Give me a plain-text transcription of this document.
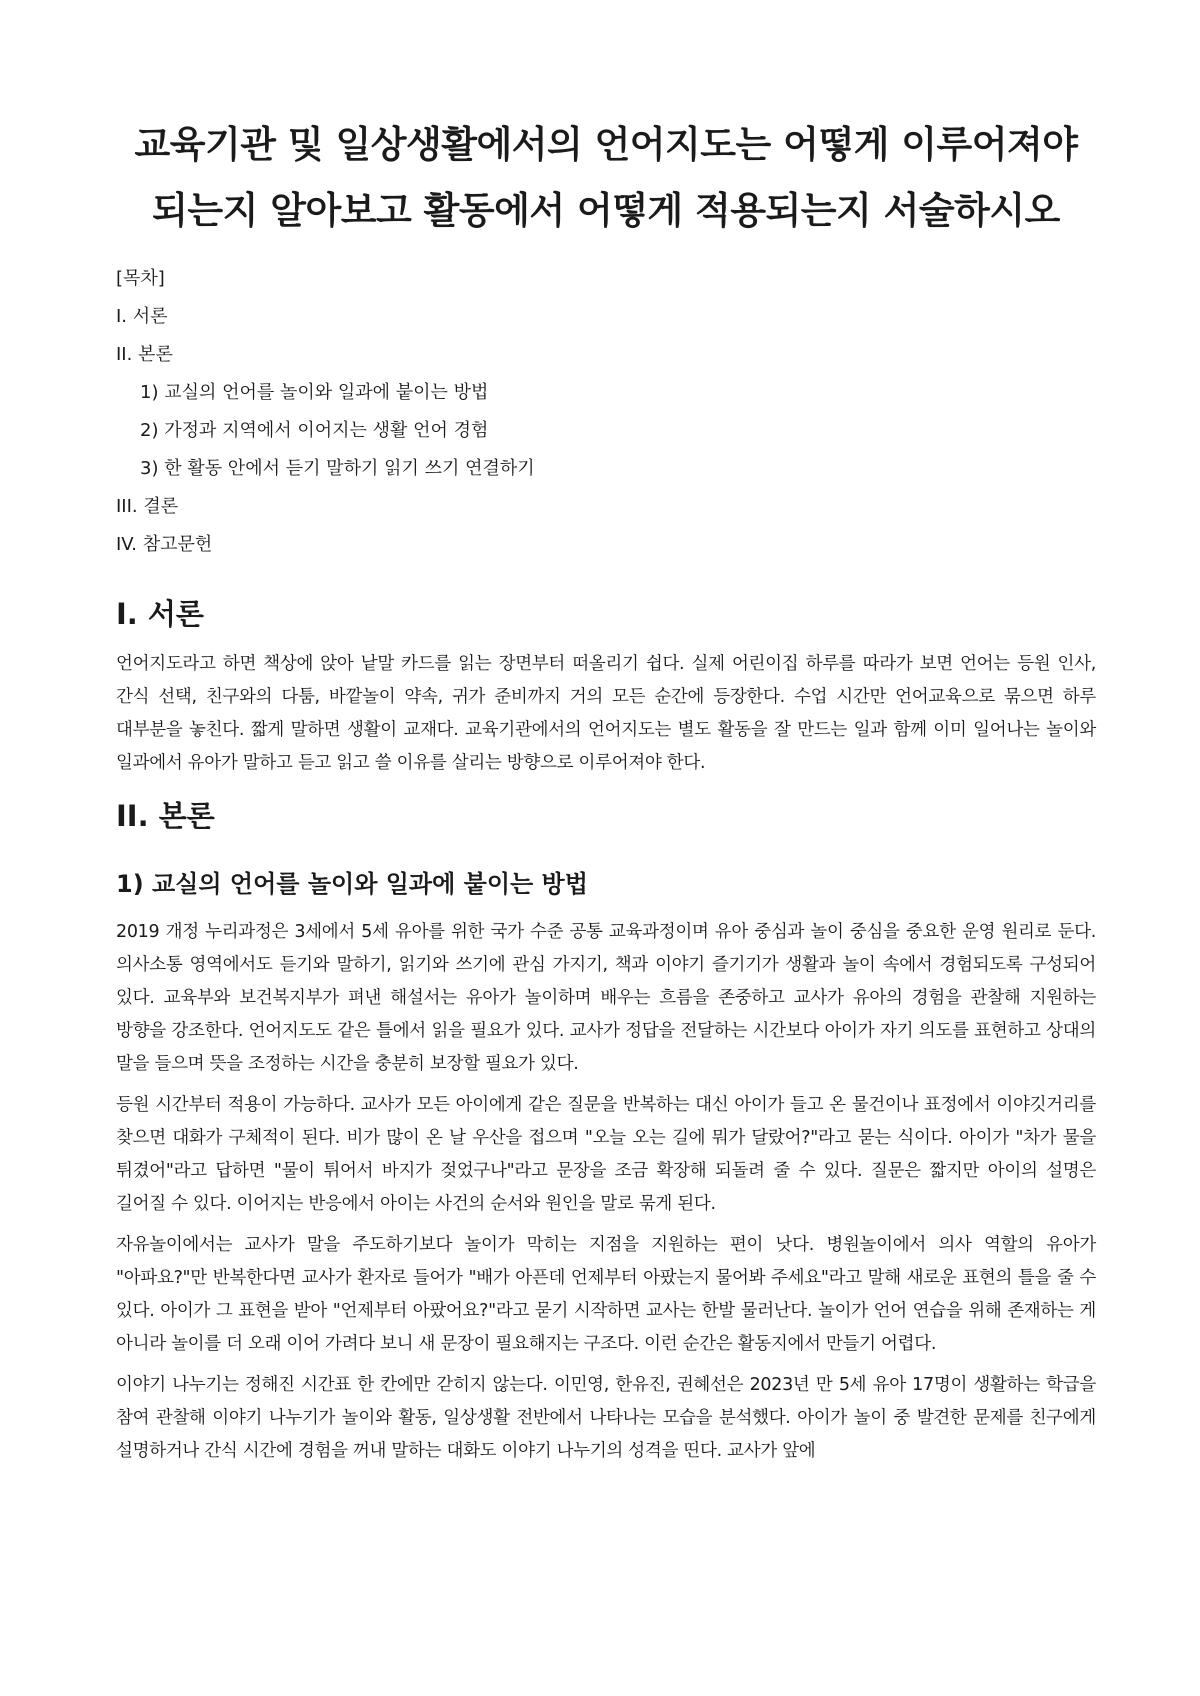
교육기관 및 일상생활에서의 언어지도는 어떻게 이루어져야 되는지 알아보고 활동에서 어떻게 적용되는지 서술하시오

[목차]

I. 서론
II. 본론
1) 교실의 언어를 놀이와 일과에 붙이는 방법
2) 가정과 지역에서 이어지는 생활 언어 경험
3) 한 활동 안에서 듣기 말하기 읽기 쓰기 연결하기
III. 결론
IV. 참고문헌
I. 서론

언어지도라고 하면 책상에 앉아 낱말 카드를 읽는 장면부터 떠올리기 쉽다. 실제 어린이집 하루를 따라가 보면 언어는 등원 인사, 간식 선택, 친구와의 다툼, 바깥놀이 약속, 귀가 준비까지 거의 모든 순간에 등장한다. 수업 시간만 언어교육으로 묶으면 하루 대부분을 놓친다. 짧게 말하면 생활이 교재다. 교육기관에서의 언어지도는 별도 활동을 잘 만드는 일과 함께 이미 일어나는 놀이와 일과에서 유아가 말하고 듣고 읽고 쓸 이유를 살리는 방향으로 이루어져야 한다.

II. 본론
1) 교실의 언어를 놀이와 일과에 붙이는 방법

2019 개정 누리과정은 3세에서 5세 유아를 위한 국가 수준 공통 교육과정이며 유아 중심과 놀이 중심을 중요한 운영 원리로 둔다. 의사소통 영역에서도 듣기와 말하기, 읽기와 쓰기에 관심 가지기, 책과 이야기 즐기기가 생활과 놀이 속에서 경험되도록 구성되어 있다. 교육부와 보건복지부가 펴낸 해설서는 유아가 놀이하며 배우는 흐름을 존중하고 교사가 유아의 경험을 관찰해 지원하는 방향을 강조한다. 언어지도도 같은 틀에서 읽을 필요가 있다. 교사가 정답을 전달하는 시간보다 아이가 자기 의도를 표현하고 상대의 말을 들으며 뜻을 조정하는 시간을 충분히 보장할 필요가 있다.

등원 시간부터 적용이 가능하다. 교사가 모든 아이에게 같은 질문을 반복하는 대신 아이가 들고 온 물건이나 표정에서 이야깃거리를 찾으면 대화가 구체적이 된다. 비가 많이 온 날 우산을 접으며 "오늘 오는 길에 뭐가 달랐어?"라고 묻는 식이다. 아이가 "차가 물을 튀겼어"라고 답하면 "물이 튀어서 바지가 젖었구나"라고 문장을 조금 확장해 되돌려 줄 수 있다. 질문은 짧지만 아이의 설명은 길어질 수 있다. 이어지는 반응에서 아이는 사건의 순서와 원인을 말로 묶게 된다.

자유놀이에서는 교사가 말을 주도하기보다 놀이가 막히는 지점을 지원하는 편이 낫다. 병원놀이에서 의사 역할의 유아가 "아파요?"만 반복한다면 교사가 환자로 들어가 "배가 아픈데 언제부터 아팠는지 물어봐 주세요"라고 말해 새로운 표현의 틀을 줄 수 있다. 아이가 그 표현을 받아 "언제부터 아팠어요?"라고 묻기 시작하면 교사는 한발 물러난다. 놀이가 언어 연습을 위해 존재하는 게 아니라 놀이를 더 오래 이어 가려다 보니 새 문장이 필요해지는 구조다. 이런 순간은 활동지에서 만들기 어렵다.

이야기 나누기는 정해진 시간표 한 칸에만 갇히지 않는다. 이민영, 한유진, 권혜선은 2023년 만 5세 유아 17명이 생활하는 학급을 참여 관찰해 이야기 나누기가 놀이와 활동, 일상생활 전반에서 나타나는 모습을 분석했다. 아이가 놀이 중 발견한 문제를 친구에게 설명하거나 간식 시간에 경험을 꺼내 말하는 대화도 이야기 나누기의 성격을 띤다. 교사가 앞에
